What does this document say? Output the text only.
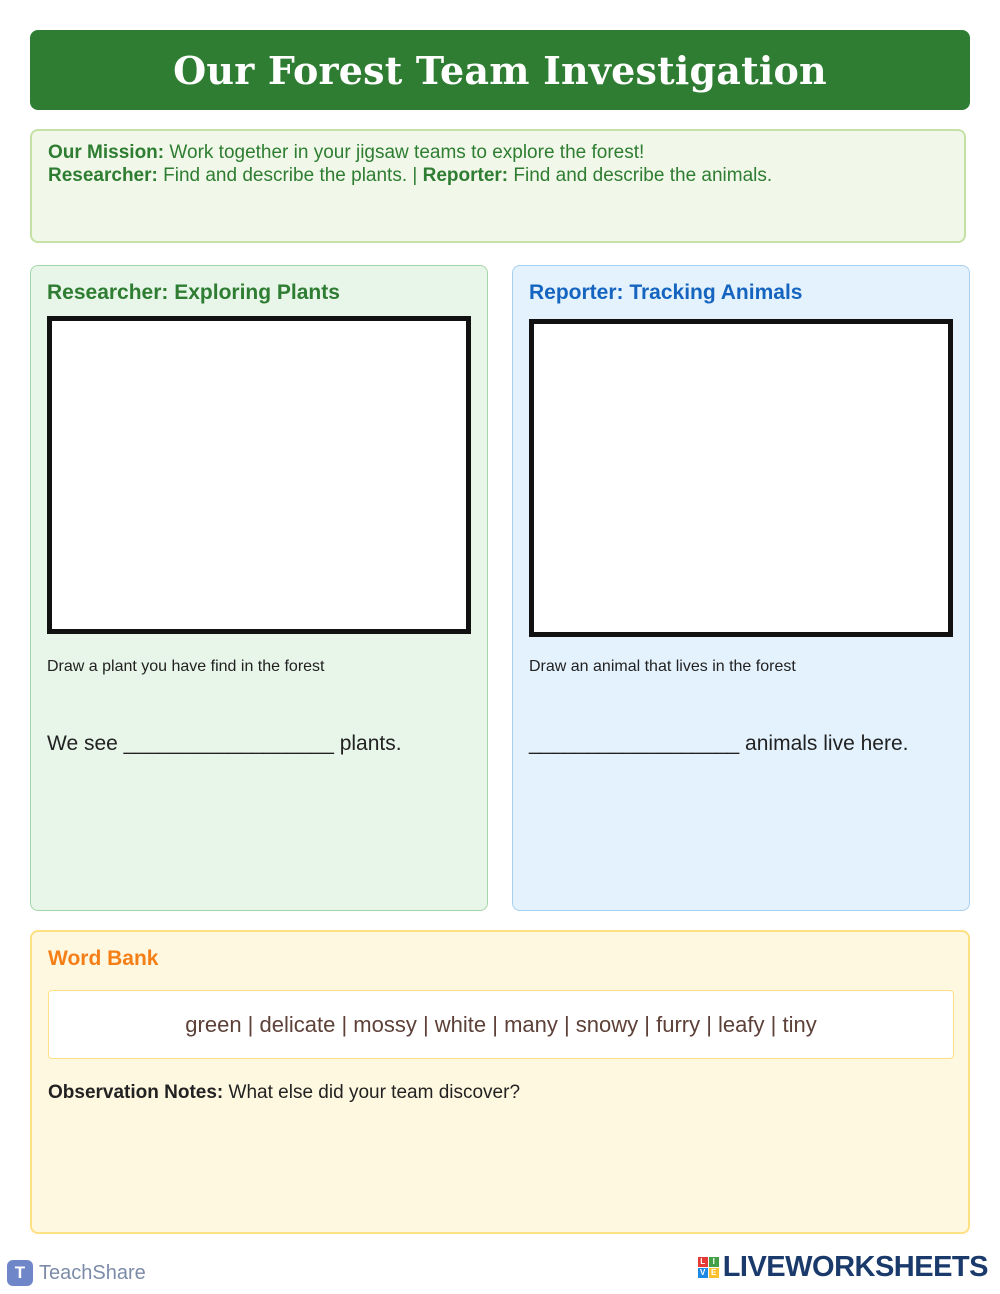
Our Forest Team Investigation
Our Mission: Work together in your jigsaw teams to explore the forest!
Researcher: Find and describe the plants. | Reporter: Find and describe the animals.
Researcher: Exploring Plants

Draw a plant you have find in the forest

We see __________________ plants.

Reporter: Tracking Animals

Draw an animal that lives in the forest

__________________ animals live here.

Word Bank
green | delicate | mossy | white | many | snowy | furry | leafy | tiny

Observation Notes: What else did your team discover?

T TeachShare	L I
V E LIVEWORKSHEETS
